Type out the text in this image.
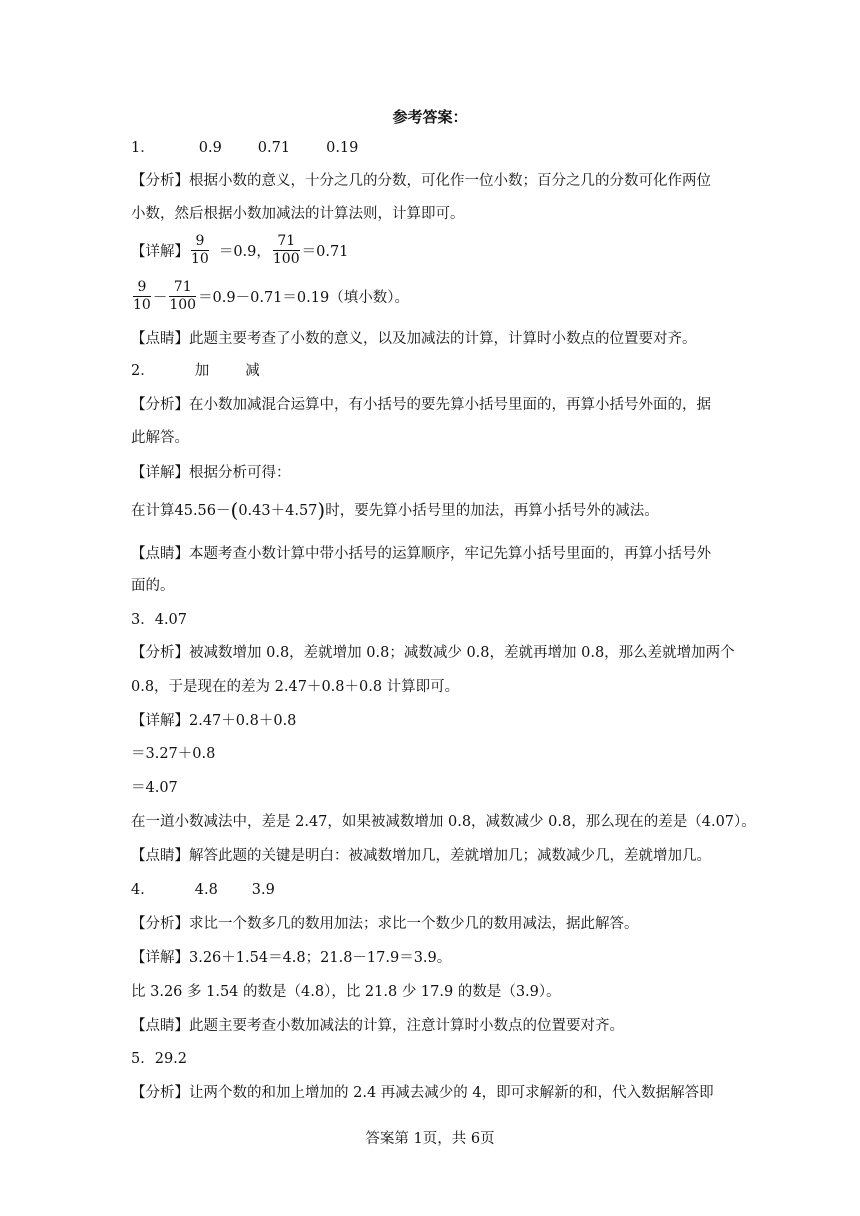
参考答案：
1．	0.9 0.71 0.19
【分析】根据小数的意义，十分之几的分数，可化作一位小数；百分之几的分数可化作两位
小数，然后根据小数加减法的计算法则，计算即可。
【详解】 $\frac{9}{10} =0.9$， $\frac{71}{100} =0.71$
$\frac{9}{10} - \frac{71}{100} =0.9-0.71=0.19$（填小数）。
【点睛】此题主要考查了小数的意义，以及加减法的计算，计算时小数点的位置要对齐。
2．	加 减
【分析】在小数加减混合运算中，有小括号的要先算小括号里面的，再算小括号外面的，据
此解答。
【详解】根据分析可得：
在计算45.56－(0.43＋4.57)时，要先算小括号里的加法，再算小括号外的减法。
【点睛】本题考查小数计算中带小括号的运算顺序，牢记先算小括号里面的，再算小括号外
面的。
3．4.07
【分析】被减数增加 0.8，差就增加 0.8；减数减少 0.8，差就再增加 0.8，那么差就增加两个
0.8，于是现在的差为 2.47＋0.8＋0.8 计算即可。
【详解】2.47＋0.8＋0.8
＝3.27＋0.8
＝4.07
在一道小数减法中，差是 2.47，如果被减数增加 0.8，减数减少 0.8，那么现在的差是（4.07）。
【点睛】解答此题的关键是明白：被减数增加几，差就增加几；减数减少几，差就增加几。
4．	4.8 3.9
【分析】求比一个数多几的数用加法；求比一个数少几的数用减法，据此解答。
【详解】3.26＋1.54＝4.8；21.8－17.9＝3.9。
比 3.26 多 1.54 的数是（4.8），比 21.8 少 17.9 的数是（3.9）。
【点睛】此题主要考查小数加减法的计算，注意计算时小数点的位置要对齐。
5．29.2
【分析】让两个数的和加上增加的 2.4 再减去减少的 4，即可求解新的和，代入数据解答即
答案第 1页，共 6页
